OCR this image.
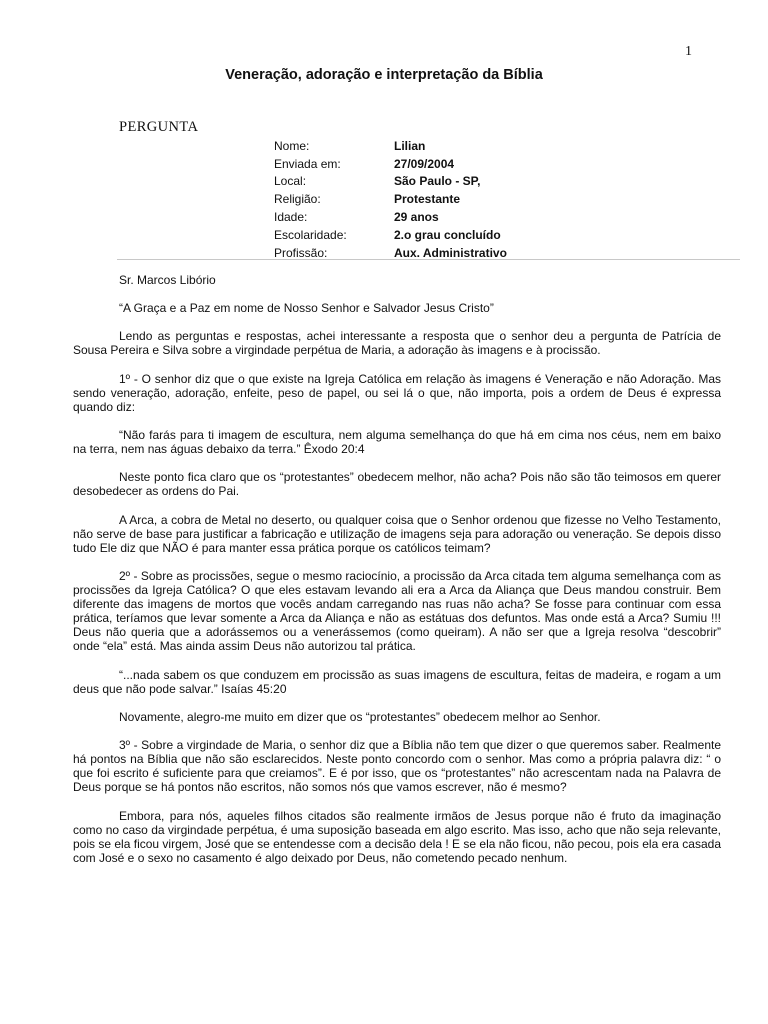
1
Veneração, adoração e interpretação da Bíblia
PERGUNTA
Nome:	Lilian
Enviada em:	27/09/2004
Local:	São Paulo - SP,
Religião:	Protestante
Idade:	29 anos
Escolaridade:	2.o grau concluído
Profissão:	Aux. Administrativo

Sr. Marcos Libório

“A Graça e a Paz em nome de Nosso Senhor e Salvador Jesus Cristo”

Lendo as perguntas e respostas, achei interessante a resposta que o senhor deu a pergunta de Patrícia de Sousa Pereira e Silva sobre a virgindade perpétua de Maria, a adoração às imagens e à procissão.

1º - O senhor diz que o que existe na Igreja Católica em relação às imagens é Veneração e não Adoração. Mas sendo veneração, adoração, enfeite, peso de papel, ou sei lá o que, não importa, pois a ordem de Deus é expressa quando diz:

“Não farás para ti imagem de escultura, nem alguma semelhança do que há em cima nos céus, nem em baixo na terra, nem nas águas debaixo da terra.” Êxodo 20:4

Neste ponto fica claro que os “protestantes” obedecem melhor, não acha? Pois não são tão teimosos em querer desobedecer as ordens do Pai.

A Arca, a cobra de Metal no deserto, ou qualquer coisa que o Senhor ordenou que fizesse no Velho Testamento, não serve de base para justificar a fabricação e utilização de imagens seja para adoração ou veneração. Se depois disso tudo Ele diz que NÃO é para manter essa prática porque os católicos teimam?

2º - Sobre as procissões, segue o mesmo raciocínio, a procissão da Arca citada tem alguma semelhança com as procissões da Igreja Católica? O que eles estavam levando ali era a Arca da Aliança que Deus mandou construir. Bem diferente das imagens de mortos que vocês andam carregando nas ruas não acha? Se fosse para continuar com essa prática, teríamos que levar somente a Arca da Aliança e não as estátuas dos defuntos. Mas onde está a Arca? Sumiu !!! Deus não queria que a adorássemos ou a venerássemos (como queiram). A não ser que a Igreja resolva “descobrir” onde “ela” está. Mas ainda assim Deus não autorizou tal prática.

“...nada sabem os que conduzem em procissão as suas imagens de escultura, feitas de madeira, e rogam a um deus que não pode salvar.” Isaías 45:20

Novamente, alegro-me muito em dizer que os “protestantes” obedecem melhor ao Senhor.

3º - Sobre a virgindade de Maria, o senhor diz que a Bíblia não tem que dizer o que queremos saber. Realmente há pontos na Bíblia que não são esclarecidos. Neste ponto concordo com o senhor. Mas como a própria palavra diz: “ o que foi escrito é suficiente para que creiamos”. E é por isso, que os “protestantes” não acrescentam nada na Palavra de Deus porque se há pontos não escritos, não somos nós que vamos escrever, não é mesmo?

Embora, para nós, aqueles filhos citados são realmente irmãos de Jesus porque não é fruto da imaginação como no caso da virgindade perpétua, é uma suposição baseada em algo escrito. Mas isso, acho que não seja relevante, pois se ela ficou virgem, José que se entendesse com a decisão dela ! E se ela não ficou, não pecou, pois ela era casada com José e o sexo no casamento é algo deixado por Deus, não cometendo pecado nenhum.
